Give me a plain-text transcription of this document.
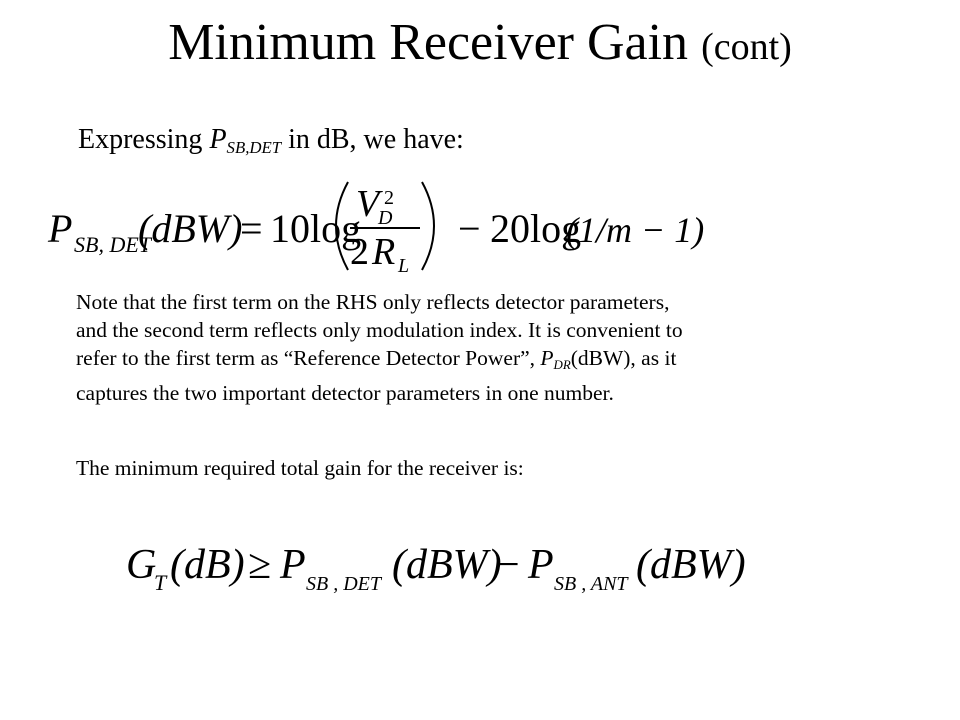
Minimum Receiver Gain (cont)
Expressing $P_{SB,DET}$ in dB, we have:
P SB, DET
(dBW)
= 10log
V
D
2
2 R L
− 20log
(1/m − 1)

Note that the first term on the RHS only reflects detector parameters,

and the second term reflects only modulation index. It is convenient to

refer to the first term as “Reference Detector Power”, $P_{DR}(dBW)$, as it

captures the two important detector parameters in one number.

The minimum required total gain for the receiver is:
G
T (dB) ≥ P SB , DET (dBW)
− P SB , ANT (dBW)
